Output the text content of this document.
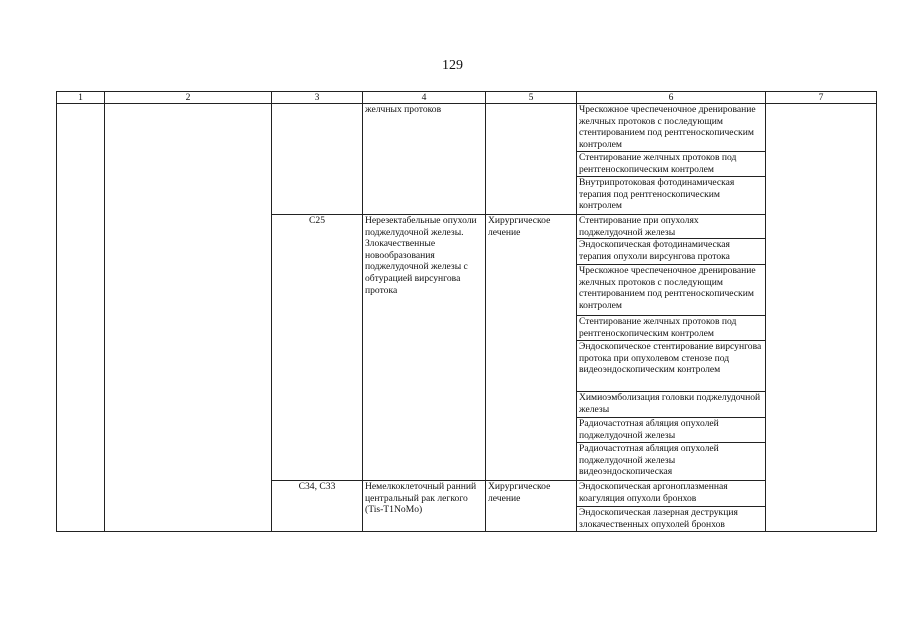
129
1	2	3	4	5	6	7
			желчных протоков		Чрескожное чреспеченочное дренирование желчных протоков с последующим стентированием под рентгеноскопическим контролем	
					Стентирование желчных протоков под рентгеноскопическим контролем	
					Внутрипротоковая фотодинамическая терапия под рентгеноскопическим контролем	
		C25	Нерезектабельные опухоли поджелудочной железы. Злокачественные новообразования поджелудочной железы с обтурацией вирсунгова протока	Хирургическое лечение	Стентирование при опухолях поджелудочной железы	
					Эндоскопическая фотодинамическая терапия опухоли вирсунгова протока	
					Чрескожное чреспеченочное дренирование желчных протоков с последующим стентированием под рентгеноскопическим контролем	
					Стентирование желчных протоков под рентгеноскопическим контролем	
					Эндоскопическое стентирование вирсунгова протока при опухолевом стенозе под видеоэндоскопическим контролем	
					Химиоэмболизация головки поджелудочной железы	
					Радиочастотная абляция опухолей поджелудочной железы	
					Радиочастотная абляция опухолей поджелудочной железы видеоэндоскопическая	
		C34, C33	Немелкоклеточный ранний центральный рак легкого (Tis-T1NoMo)	Хирургическое лечение	Эндоскопическая аргоноплазменная коагуляция опухоли бронхов	
					Эндоскопическая лазерная деструкция злокачественных опухолей бронхов	
